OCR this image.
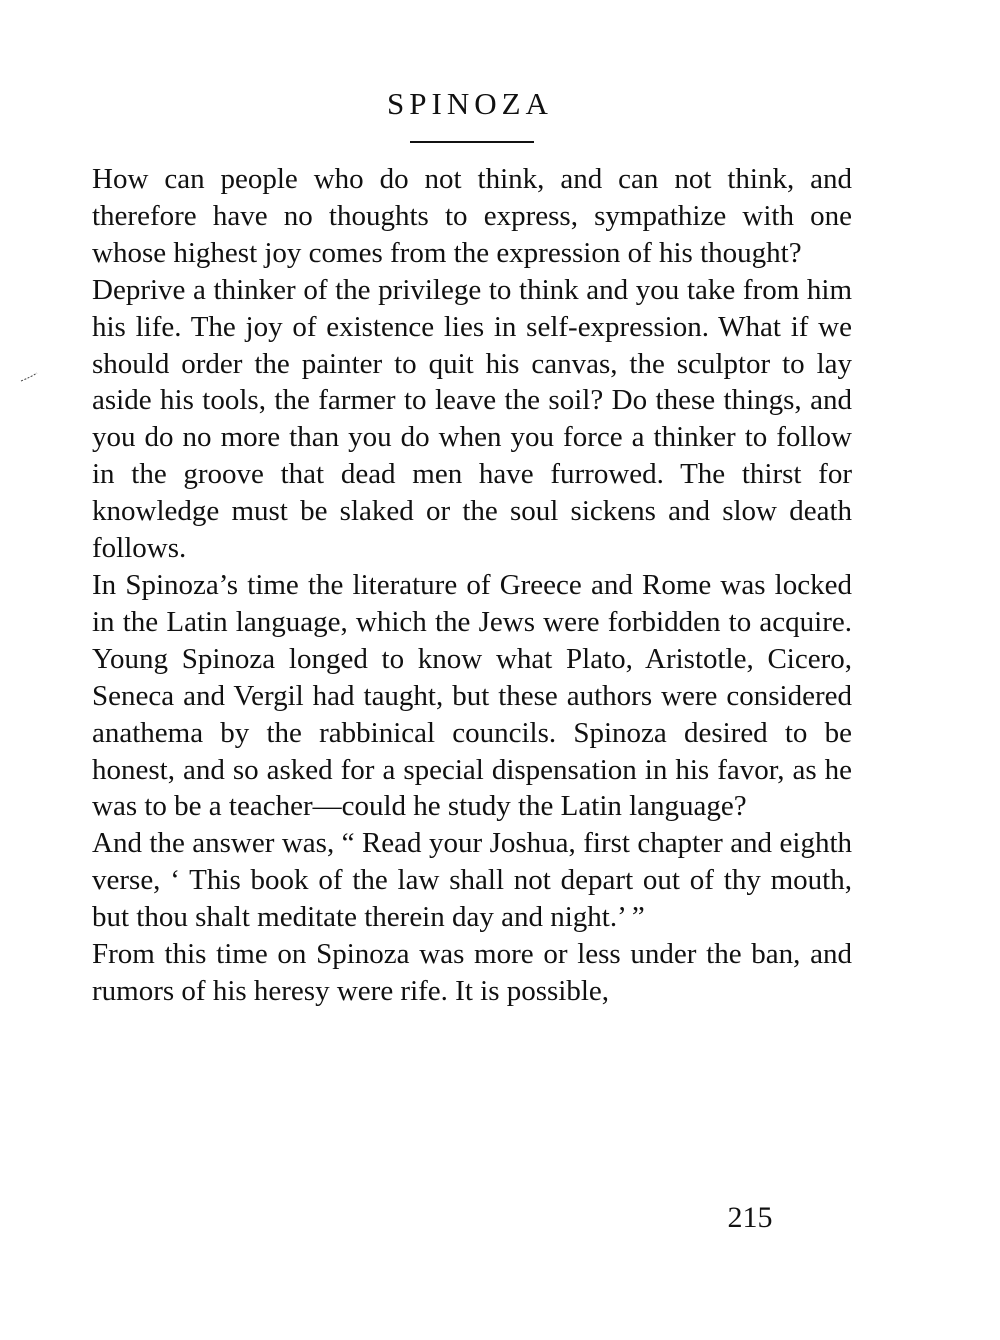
SPINOZA

How can people who do not think, and can not think, and therefore have no thoughts to express, sympathize with one whose highest joy comes from the expression of his thought?

Deprive a thinker of the privilege to think and you take from him his life. The joy of existence lies in self-expression. What if we should order the painter to quit his canvas, the sculptor to lay aside his tools, the farmer to leave the soil? Do these things, and you do no more than you do when you force a thinker to follow in the groove that dead men have furrowed. The thirst for knowledge must be slaked or the soul sickens and slow death follows.

In Spinoza’s time the literature of Greece and Rome was locked in the Latin language, which the Jews were forbidden to acquire. Young Spinoza longed to know what Plato, Aristotle, Cicero, Seneca and Vergil had taught, but these authors were considered anathema by the rabbinical councils. Spinoza desired to be honest, and so asked for a special dispensation in his favor, as he was to be a teacher—could he study the Latin language?

And the answer was, “ Read your Joshua, first chapter and eighth verse, ‘ This book of the law shall not depart out of thy mouth, but thou shalt meditate therein day and night.’ ”

From this time on Spinoza was more or less under the ban, and rumors of his heresy were rife. It is possible,

215
